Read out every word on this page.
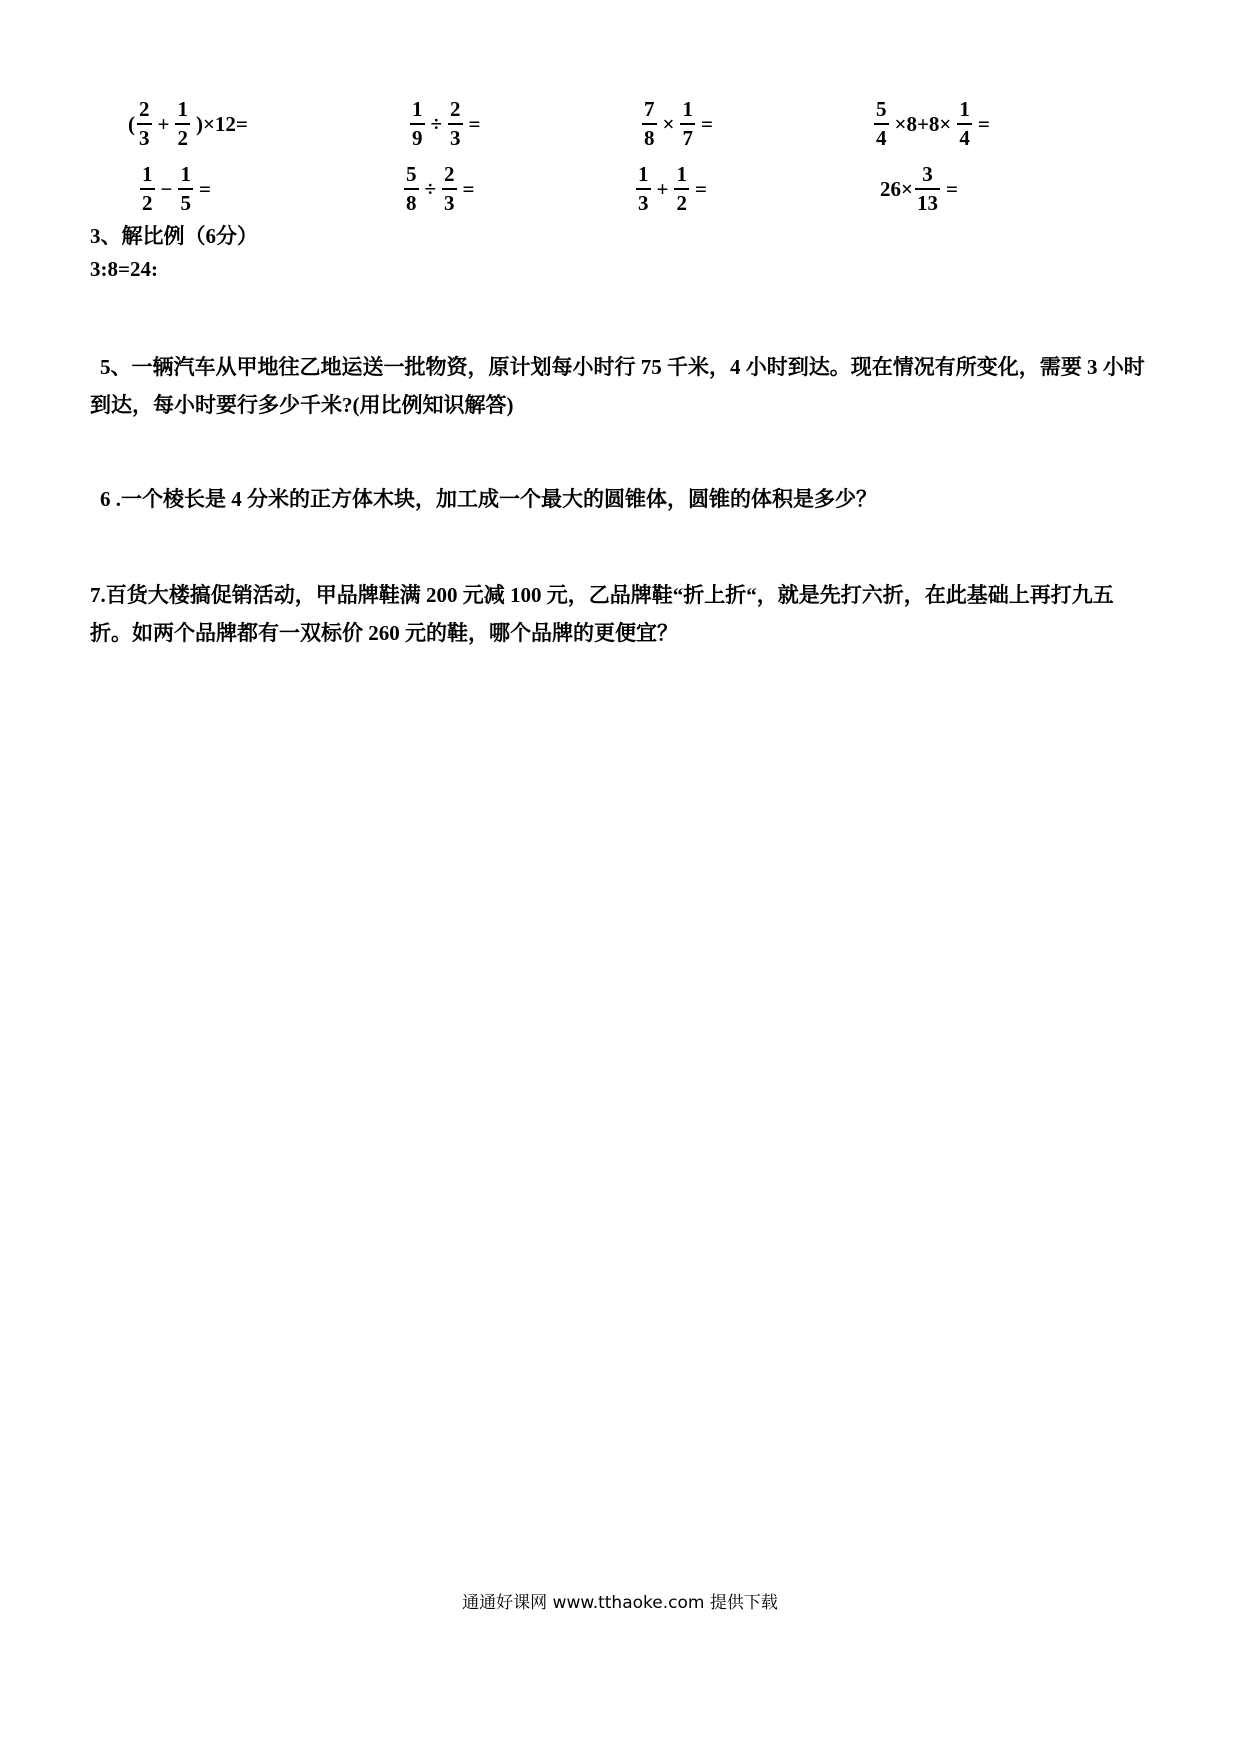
( $\frac{2}{3} + \frac{1}{2} )\times 12=$	$\frac{1}{9} \div \frac{2}{3}$ =	$\frac{7}{8} \times \frac{1}{7}$ =	$\frac{5}{4} \times 8+8\times \frac{1}{4}$ =
$\frac{1}{2} - \frac{1}{5}$ =	$\frac{5}{8} \div \frac{2}{3}$ =	$\frac{1}{3} + \frac{1}{2}$ =	$26\times \frac{3}{13}$ =
3、解比例（6分）
3:8=24:
5、一辆汽车从甲地往乙地运送一批物资，原计划每小时行 75 千米，4 小时到达。现在情况有所变化，需要 3 小时到达，每小时要行多少千米?(用比例知识解答)
6 .一个棱长是 4 分米的正方体木块，加工成一个最大的圆锥体，圆锥的体积是多少？
7.百货大楼搞促销活动，甲品牌鞋满 200 元减 100 元，乙品牌鞋“折上折“，就是先打六折，在此基础上再打九五折。如两个品牌都有一双标价 260 元的鞋，哪个品牌的更便宜？
通通好课网 www.tthaoke.com 提供下载
